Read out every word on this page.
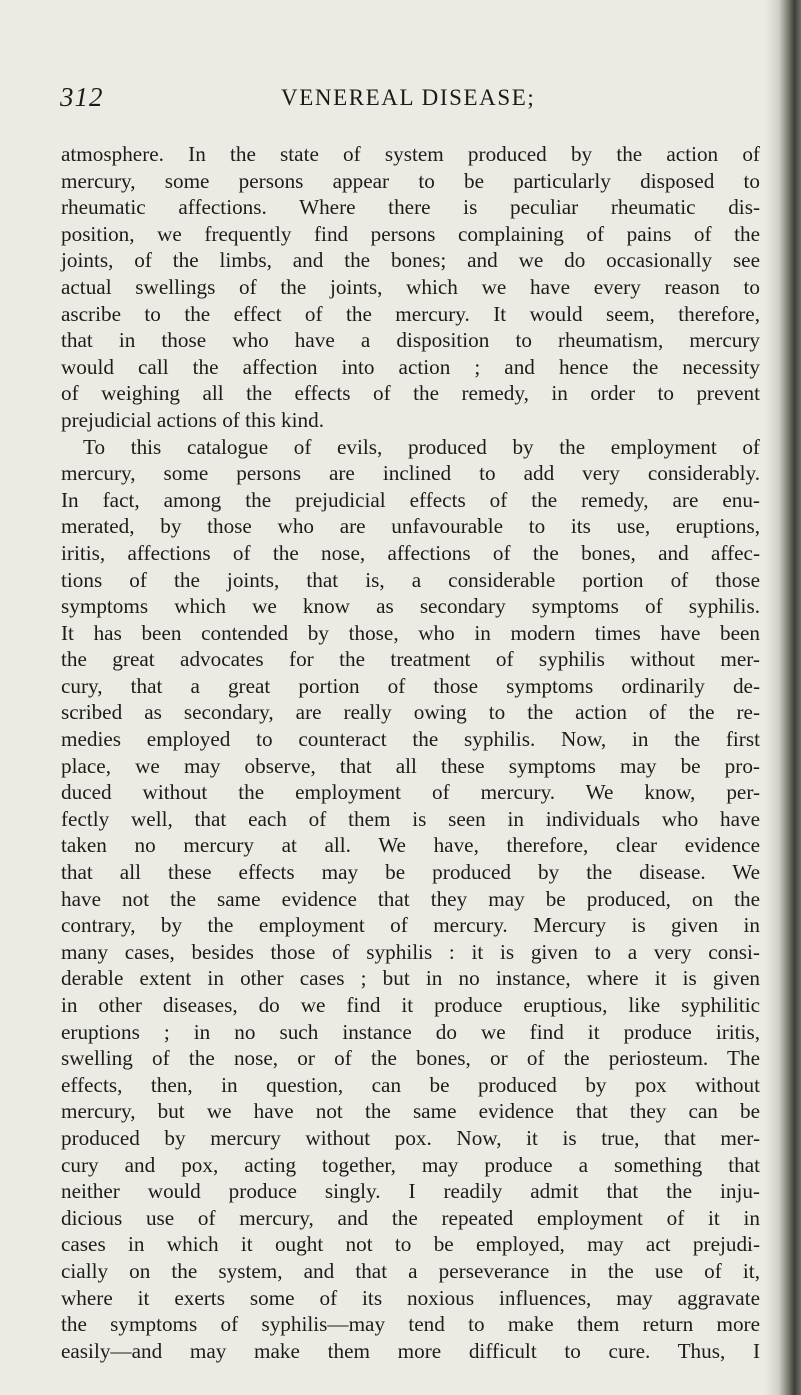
312	VENEREAL DISEASE;
atmosphere. In the state of system produced by the action of
mercury, some persons appear to be particularly disposed to
rheumatic affections. Where there is peculiar rheumatic dis-
position, we frequently find persons complaining of pains of the
joints, of the limbs, and the bones; and we do occasionally see
actual swellings of the joints, which we have every reason to
ascribe to the effect of the mercury. It would seem, therefore,
that in those who have a disposition to rheumatism, mercury
would call the affection into action ; and hence the necessity
of weighing all the effects of the remedy, in order to prevent
prejudicial actions of this kind.
To this catalogue of evils, produced by the employment of
mercury, some persons are inclined to add very considerably.
In fact, among the prejudicial effects of the remedy, are enu-
merated, by those who are unfavourable to its use, eruptions,
iritis, affections of the nose, affections of the bones, and affec-
tions of the joints, that is, a considerable portion of those
symptoms which we know as secondary symptoms of syphilis.
It has been contended by those, who in modern times have been
the great advocates for the treatment of syphilis without mer-
cury, that a great portion of those symptoms ordinarily de-
scribed as secondary, are really owing to the action of the re-
medies employed to counteract the syphilis. Now, in the first
place, we may observe, that all these symptoms may be pro-
duced without the employment of mercury. We know, per-
fectly well, that each of them is seen in individuals who have
taken no mercury at all. We have, therefore, clear evidence
that all these effects may be produced by the disease. We
have not the same evidence that they may be produced, on the
contrary, by the employment of mercury. Mercury is given in
many cases, besides those of syphilis : it is given to a very consi-
derable extent in other cases ; but in no instance, where it is given
in other diseases, do we find it produce eruptious, like syphilitic
eruptions ; in no such instance do we find it produce iritis,
swelling of the nose, or of the bones, or of the periosteum. The
effects, then, in question, can be produced by pox without
mercury, but we have not the same evidence that they can be
produced by mercury without pox. Now, it is true, that mer-
cury and pox, acting together, may produce a something that
neither would produce singly. I readily admit that the inju-
dicious use of mercury, and the repeated employment of it in
cases in which it ought not to be employed, may act prejudi-
cially on the system, and that a perseverance in the use of it,
where it exerts some of its noxious influences, may aggravate
the symptoms of syphilis—may tend to make them return more
easily—and may make them more difficult to cure. Thus, I
